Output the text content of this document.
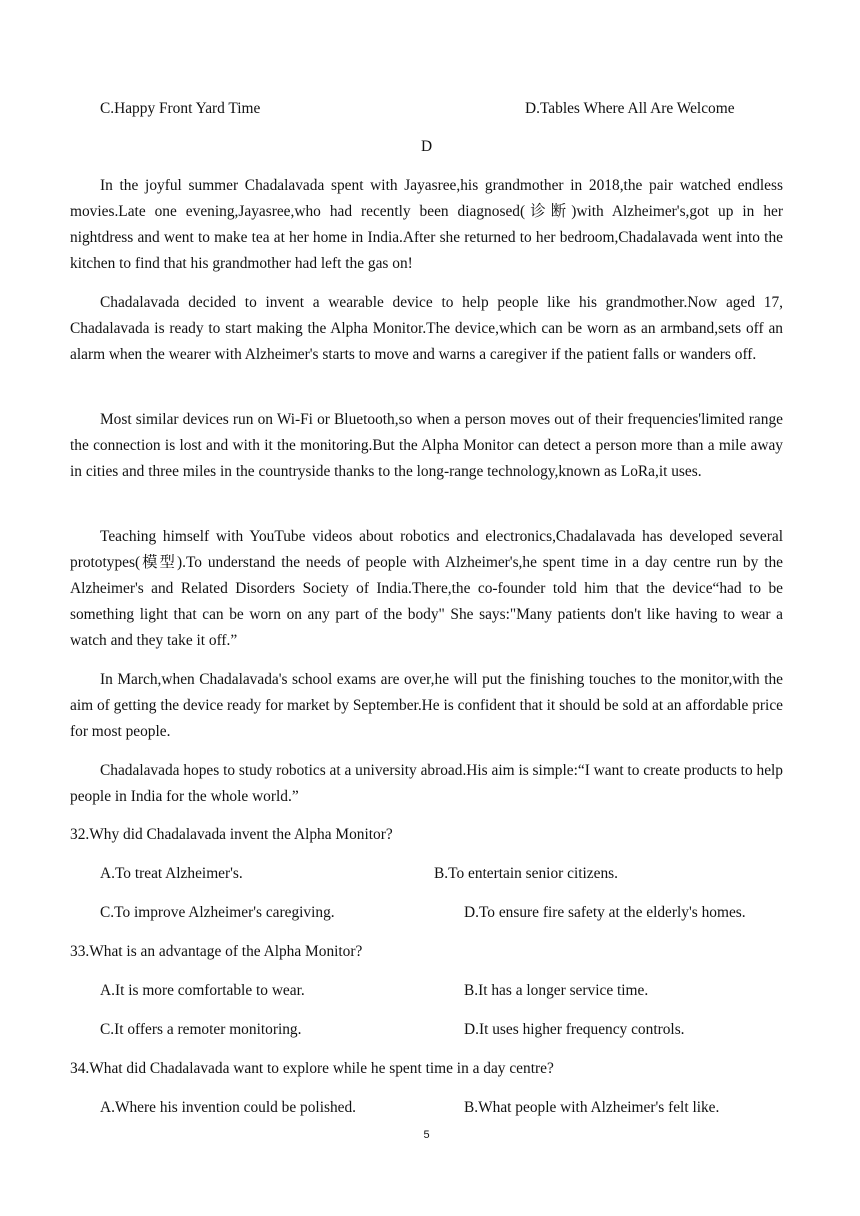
C.Happy Front Yard Time	D.Tables Where All Are Welcome
D

In the joyful summer Chadalavada spent with Jayasree,his grandmother in 2018,the pair watched endless movies.Late one evening,Jayasree,who had recently been diagnosed(诊断)with Alzheimer's,got up in her nightdress and went to make tea at her home in India.After she returned to her bedroom,Chadalavada went into the kitchen to find that his grandmother had left the gas on!

Chadalavada decided to invent a wearable device to help people like his grandmother.Now aged 17, Chadalavada is ready to start making the Alpha Monitor.The device,which can be worn as an armband,sets off an alarm when the wearer with Alzheimer's starts to move and warns a caregiver if the patient falls or wanders off.

Most similar devices run on Wi-Fi or Bluetooth,so when a person moves out of their frequencies'limited range the connection is lost and with it the monitoring.But the Alpha Monitor can detect a person more than a mile away in cities and three miles in the countryside thanks to the long-range technology,known as LoRa,it uses.

Teaching himself with YouTube videos about robotics and electronics,Chadalavada has developed several prototypes(模型).To understand the needs of people with Alzheimer's,he spent time in a day centre run by the Alzheimer's and Related Disorders Society of India.There,the co-founder told him that the device“had to be something light that can be worn on any part of the body" She says:"Many patients don't like having to wear a watch and they take it off.”

In March,when Chadalavada's school exams are over,he will put the finishing touches to the monitor,with the aim of getting the device ready for market by September.He is confident that it should be sold at an affordable price for most people.

Chadalavada hopes to study robotics at a university abroad.His aim is simple:“I want to create products to help people in India for the whole world.”

32.Why did Chadalavada invent the Alpha Monitor?
A.To treat Alzheimer's.	B.To entertain senior citizens.
C.To improve Alzheimer's caregiving.	D.To ensure fire safety at the elderly's homes.
33.What is an advantage of the Alpha Monitor?
A.It is more comfortable to wear.	B.It has a longer service time.
C.It offers a remoter monitoring.	D.It uses higher frequency controls.
34.What did Chadalavada want to explore while he spent time in a day centre?
A.Where his invention could be polished.	B.What people with Alzheimer's felt like.
5
